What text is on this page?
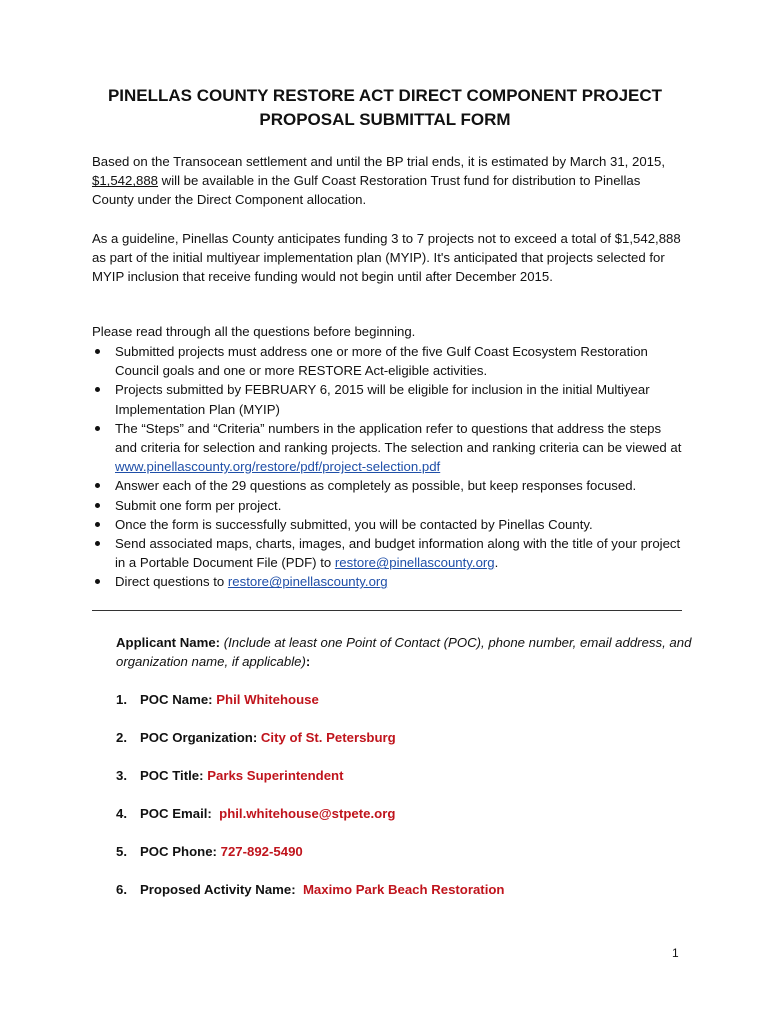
PINELLAS COUNTY RESTORE ACT DIRECT COMPONENT PROJECT
PROPOSAL SUBMITTAL FORM

Based on the Transocean settlement and until the BP trial ends, it is estimated by March 31, 2015, $1,542,888 will be available in the Gulf Coast Restoration Trust fund for distribution to Pinellas County under the Direct Component allocation.

As a guideline, Pinellas County anticipates funding 3 to 7 projects not to exceed a total of $1,542,888 as part of the initial multiyear implementation plan (MYIP). It's anticipated that projects selected for MYIP inclusion that receive funding would not begin until after December 2015.

Please read through all the questions before beginning.

Submitted projects must address one or more of the five Gulf Coast Ecosystem Restoration Council goals and one or more RESTORE Act-eligible activities.
Projects submitted by FEBRUARY 6, 2015 will be eligible for inclusion in the initial Multiyear Implementation Plan (MYIP)
The “Steps” and “Criteria” numbers in the application refer to questions that address the steps and criteria for selection and ranking projects. The selection and ranking criteria can be viewed at www.pinellascounty.org/restore/pdf/project-selection.pdf
Answer each of the 29 questions as completely as possible, but keep responses focused.
Submit one form per project.
Once the form is successfully submitted, you will be contacted by Pinellas County.
Send associated maps, charts, images, and budget information along with the title of your project in a Portable Document File (PDF) to restore@pinellascounty.org.
Direct questions to restore@pinellascounty.org

Applicant Name: (Include at least one Point of Contact (POC), phone number, email address, and organization name, if applicable):

1. POC Name: Phil Whitehouse
2. POC Organization: City of St. Petersburg
3. POC Title: Parks Superintendent
4. POC Email: phil.whitehouse@stpete.org
5. POC Phone: 727-892-5490
6. Proposed Activity Name: Maximo Park Beach Restoration
1
